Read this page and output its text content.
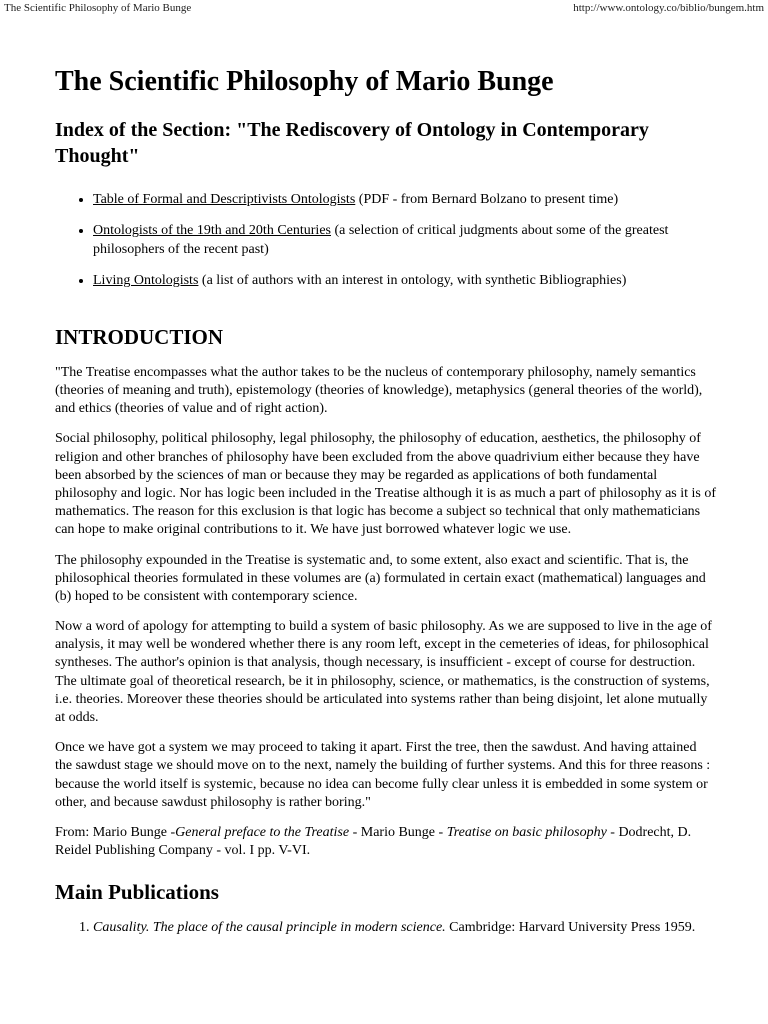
The Scientific Philosophy of Mario Bunge	http://www.ontology.co/biblio/bungem.htm
The Scientific Philosophy of Mario Bunge
Index of the Section: "The Rediscovery of Ontology in Contemporary Thought"
• Table of Formal and Descriptivists Ontologists (PDF - from Bernard Bolzano to present time)
• Ontologists of the 19th and 20th Centuries (a selection of critical judgments about some of the greatest philosophers of the recent past)
• Living Ontologists (a list of authors with an interest in ontology, with synthetic Bibliographies)
INTRODUCTION

"The Treatise encompasses what the author takes to be the nucleus of contemporary philosophy, namely semantics (theories of meaning and truth), epistemology (theories of knowledge), metaphysics (general theories of the world), and ethics (theories of value and of right action).

Social philosophy, political philosophy, legal philosophy, the philosophy of education, aesthetics, the philosophy of religion and other branches of philosophy have been excluded from the above quadrivium either because they have been absorbed by the sciences of man or because they may be regarded as applications of both fundamental philosophy and logic. Nor has logic been included in the Treatise although it is as much a part of philosophy as it is of mathematics. The reason for this exclusion is that logic has become a subject so technical that only mathematicians can hope to make original contributions to it. We have just borrowed whatever logic we use.

The philosophy expounded in the Treatise is systematic and, to some extent, also exact and scientific. That is, the philosophical theories formulated in these volumes are (a) formulated in certain exact (mathematical) languages and (b) hoped to be consistent with contemporary science.

Now a word of apology for attempting to build a system of basic philosophy. As we are supposed to live in the age of analysis, it may well be wondered whether there is any room left, except in the cemeteries of ideas, for philosophical syntheses. The author's opinion is that analysis, though necessary, is insufficient - except of course for destruction. The ultimate goal of theoretical research, be it in philosophy, science, or mathematics, is the construction of systems, i.e. theories. Moreover these theories should be articulated into systems rather than being disjoint, let alone mutually at odds.

Once we have got a system we may proceed to taking it apart. First the tree, then the sawdust. And having attained the sawdust stage we should move on to the next, namely the building of further systems. And this for three reasons : because the world itself is systemic, because no idea can become fully clear unless it is embedded in some system or other, and because sawdust philosophy is rather boring."

From: Mario Bunge -General preface to the Treatise - Mario Bunge - Treatise on basic philosophy - Dodrecht, D. Reidel Publishing Company - vol. I pp. V-VI.

Main Publications
1. Causality. The place of the causal principle in modern science. Cambridge: Harvard University Press 1959.
